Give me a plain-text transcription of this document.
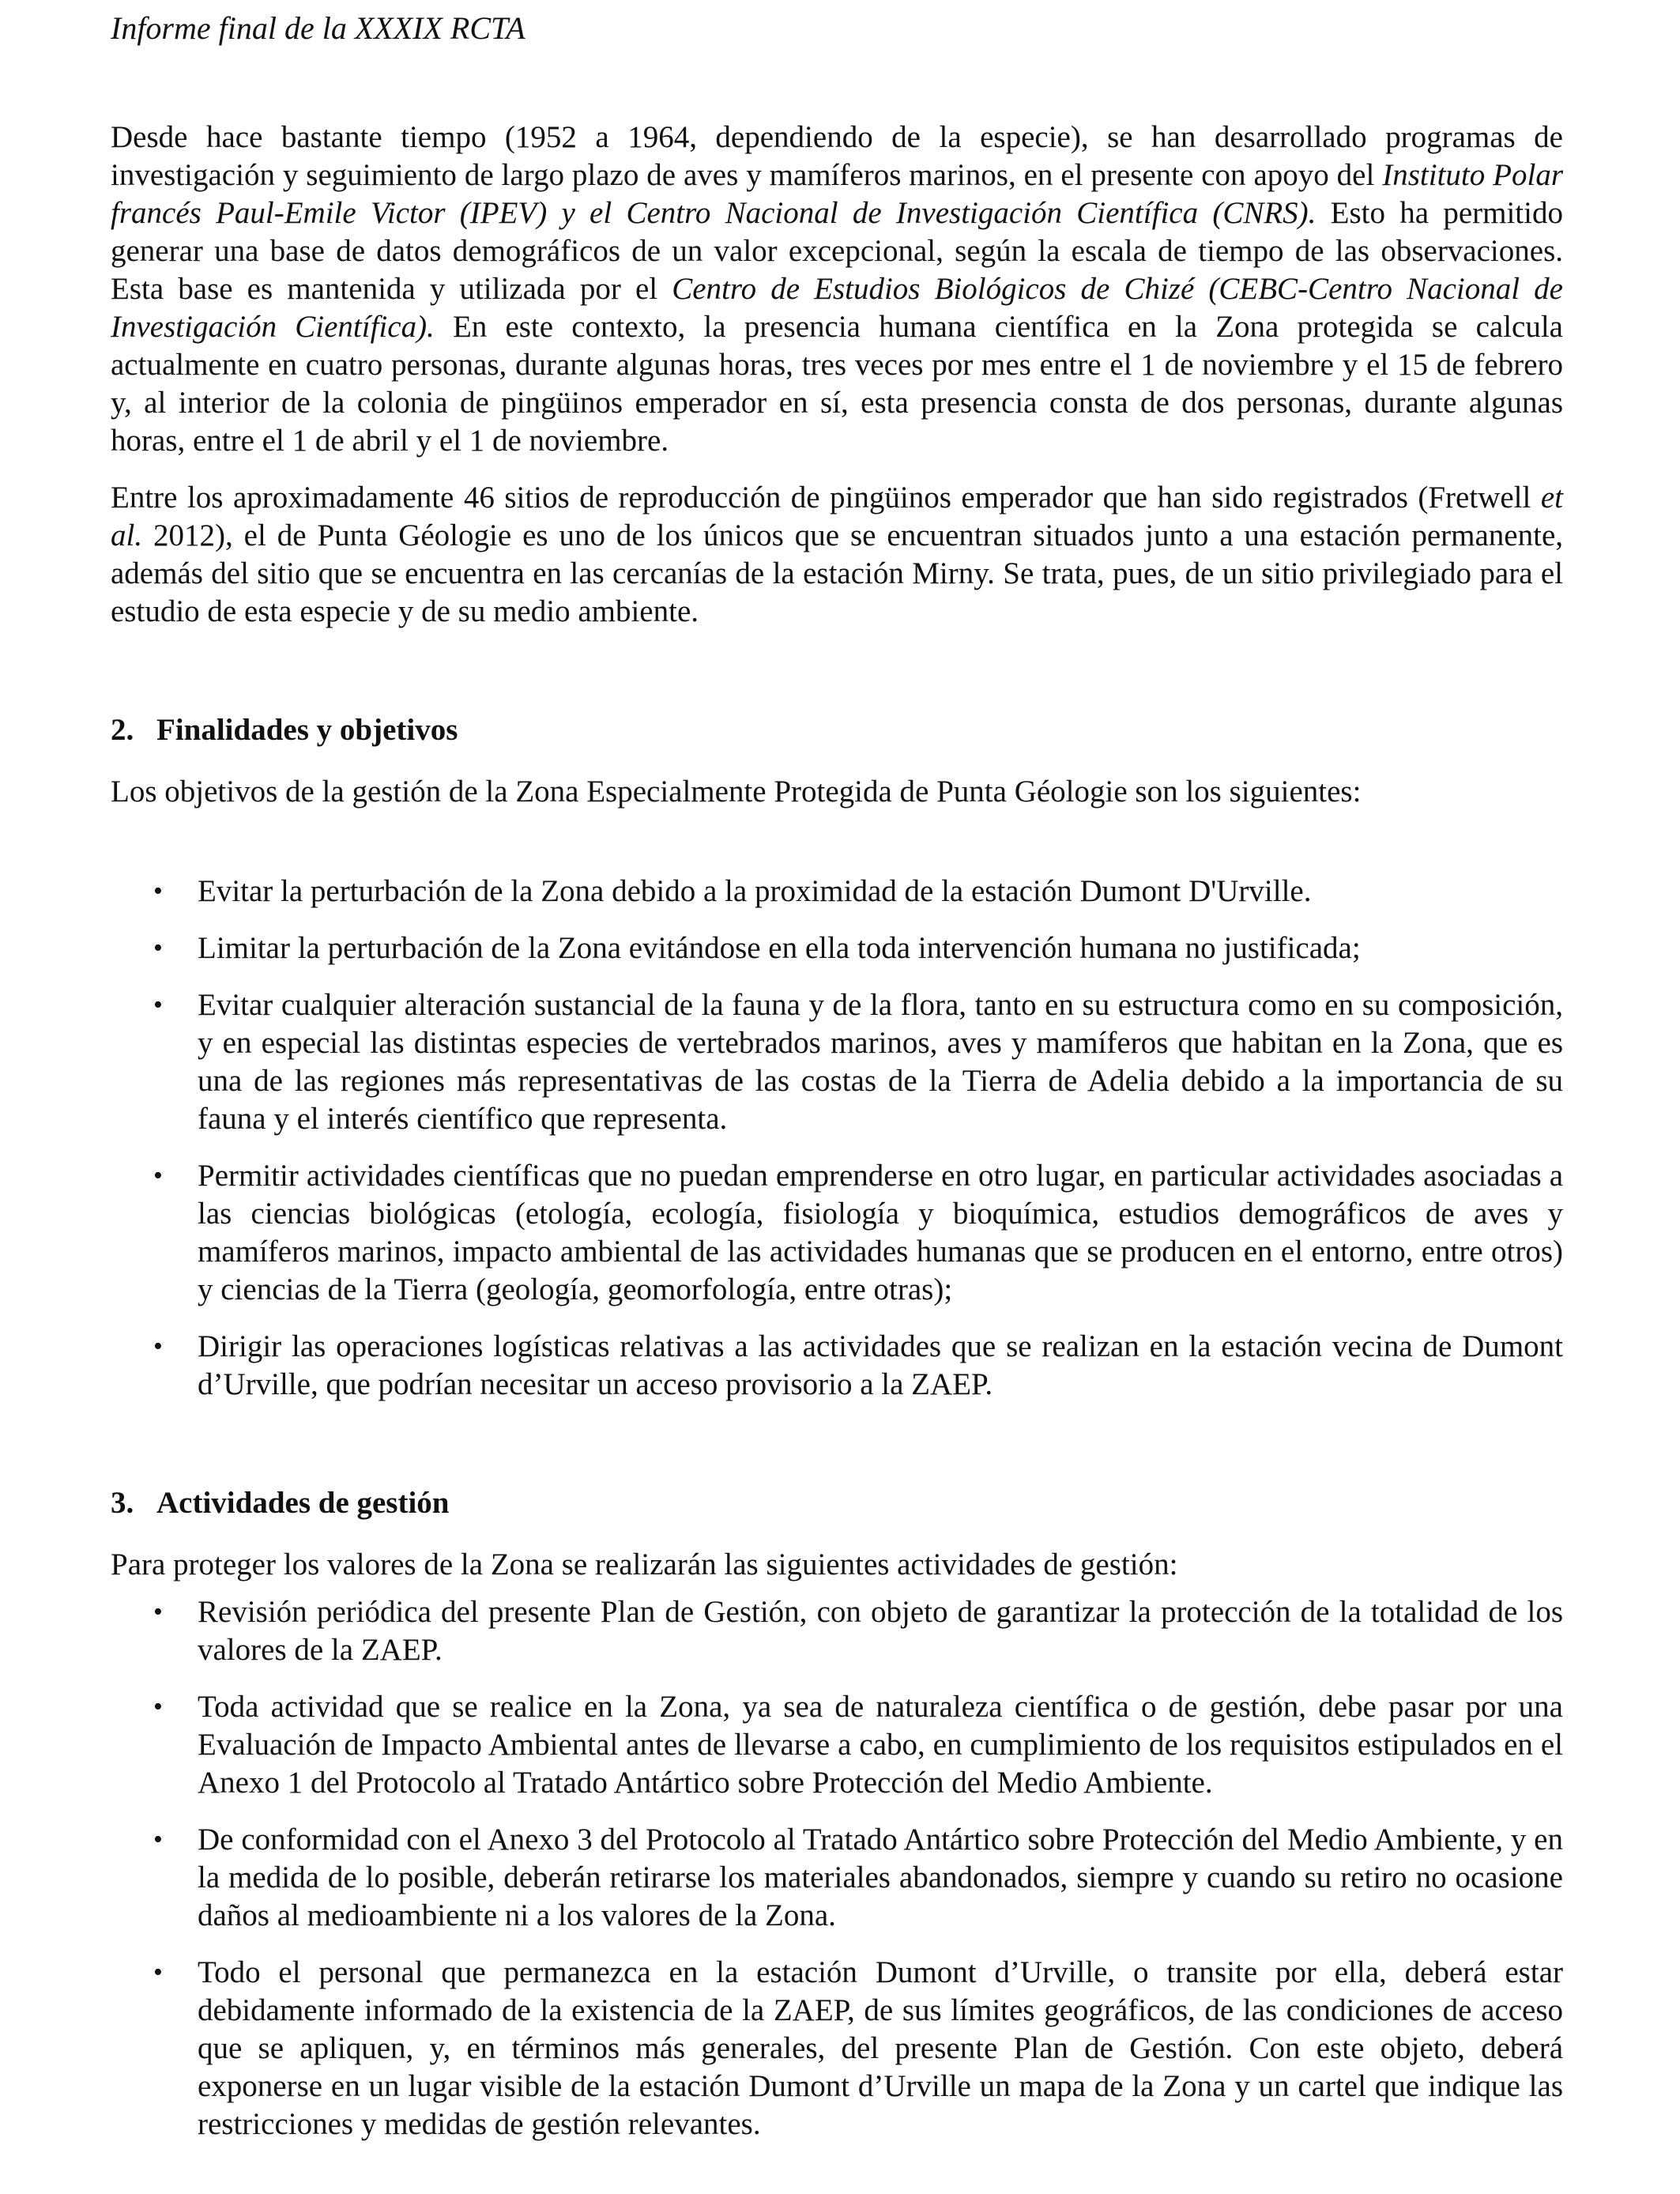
Informe final de la XXXIX RCTA

Desde hace bastante tiempo (1952 a 1964, dependiendo de la especie), se han desarrollado programas de investigación y seguimiento de largo plazo de aves y mamíferos marinos, en el presente con apoyo del Instituto Polar francés Paul-Emile Victor (IPEV) y el Centro Nacional de Investigación Científica (CNRS). Esto ha permitido generar una base de datos demográficos de un valor excepcional, según la escala de tiempo de las observaciones. Esta base es mantenida y utilizada por el Centro de Estudios Biológicos de Chizé (CEBC-Centro Nacional de Investigación Científica). En este contexto, la presencia humana científica en la Zona protegida se calcula actualmente en cuatro personas, durante algunas horas, tres veces por mes entre el 1 de noviembre y el 15 de febrero y, al interior de la colonia de pingüinos emperador en sí, esta presencia consta de dos personas, durante algunas horas, entre el 1 de abril y el 1 de noviembre.

Entre los aproximadamente 46 sitios de reproducción de pingüinos emperador que han sido registrados (Fretwell et al. 2012), el de Punta Géologie es uno de los únicos que se encuentran situados junto a una estación permanente, además del sitio que se encuentra en las cercanías de la estación Mirny. Se trata, pues, de un sitio privilegiado para el estudio de esta especie y de su medio ambiente.

2. Finalidades y objetivos

Los objetivos de la gestión de la Zona Especialmente Protegida de Punta Géologie son los siguientes:

• Evitar la perturbación de la Zona debido a la proximidad de la estación Dumont D'Urville.
• Limitar la perturbación de la Zona evitándose en ella toda intervención humana no justificada;
• Evitar cualquier alteración sustancial de la fauna y de la flora, tanto en su estructura como en su composición, y en especial las distintas especies de vertebrados marinos, aves y mamíferos que habitan en la Zona, que es una de las regiones más representativas de las costas de la Tierra de Adelia debido a la importancia de su fauna y el interés científico que representa.
• Permitir actividades científicas que no puedan emprenderse en otro lugar, en particular actividades asociadas a las ciencias biológicas (etología, ecología, fisiología y bioquímica, estudios demográficos de aves y mamíferos marinos, impacto ambiental de las actividades humanas que se producen en el entorno, entre otros) y ciencias de la Tierra (geología, geomorfología, entre otras);
• Dirigir las operaciones logísticas relativas a las actividades que se realizan en la estación vecina de Dumont d’Urville, que podrían necesitar un acceso provisorio a la ZAEP.
3. Actividades de gestión

Para proteger los valores de la Zona se realizarán las siguientes actividades de gestión:

• Revisión periódica del presente Plan de Gestión, con objeto de garantizar la protección de la totalidad de los valores de la ZAEP.
• Toda actividad que se realice en la Zona, ya sea de naturaleza científica o de gestión, debe pasar por una Evaluación de Impacto Ambiental antes de llevarse a cabo, en cumplimiento de los requisitos estipulados en el Anexo 1 del Protocolo al Tratado Antártico sobre Protección del Medio Ambiente.
• De conformidad con el Anexo 3 del Protocolo al Tratado Antártico sobre Protección del Medio Ambiente, y en la medida de lo posible, deberán retirarse los materiales abandonados, siempre y cuando su retiro no ocasione daños al medioambiente ni a los valores de la Zona.
• Todo el personal que permanezca en la estación Dumont d’Urville, o transite por ella, deberá estar debidamente informado de la existencia de la ZAEP, de sus límites geográficos, de las condiciones de acceso que se apliquen, y, en términos más generales, del presente Plan de Gestión. Con este objeto, deberá exponerse en un lugar visible de la estación Dumont d’Urville un mapa de la Zona y un cartel que indique las restricciones y medidas de gestión relevantes.
